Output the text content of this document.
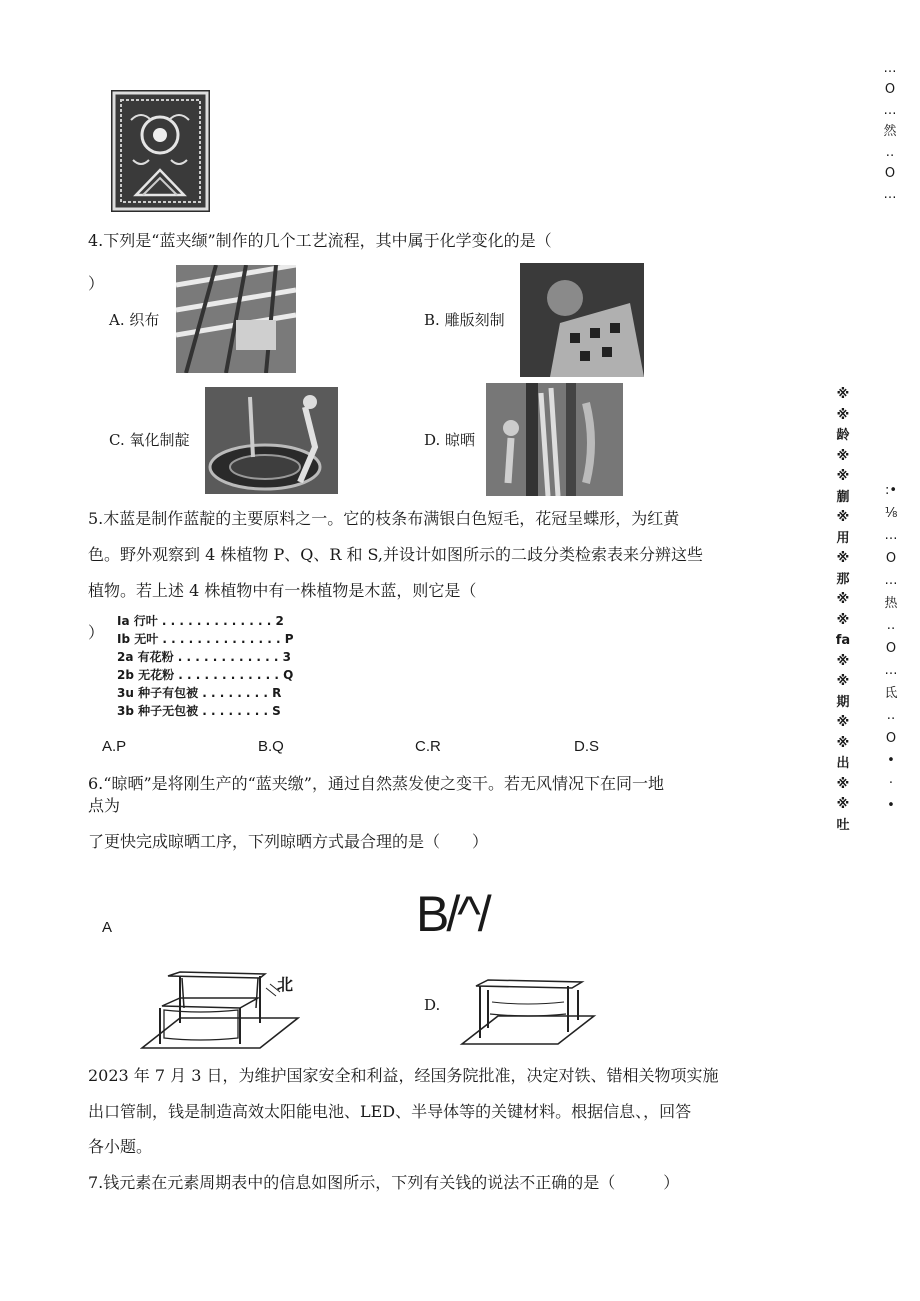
4.下列是“蓝夹缬”制作的几个工艺流程，其中属于化学变化的是（
）
A. 织布	B. 雕版刻制
C. 氧化制靛	D. 晾晒
5.木蓝是制作蓝靛的主要原料之一。它的枝条布满银白色短毛，花冠呈蝶形，为红黄
色。野外观察到 4 株植物 P、Q、R 和 S,并设计如图所示的二歧分类检索表来分辨这些
植物。若上述 4 株植物中有一株植物是木蓝，则它是（
）
Ia 行叶 . . . . . . . . . . . . . 2
Ib 无叶 . . . . . . . . . . . . . . P
2a 有花粉 . . . . . . . . . . . . 3
2b 无花粉 . . . . . . . . . . . . Q
3u 种子有包被 . . . . . . . . R
3b 种子无包被 . . . . . . . . S
A.P	B.Q	C.R	D.S
6.“晾晒”是将刚生产的“蓝夹缴”，通过自然蒸发使之变干。若无风情况下在同一地
点为
了更快完成晾晒工序，下列晾晒方式最合理的是（　　）
A	B/^/
北
D.
2023 年 7 月 3 日，为维护国家安全和利益，经国务院批准，决定对铁、错相关物项实施
出口管制，钱是制造高效太阳能电池、LED、半导体等的关键材料。根据信息、，回答
各小题。
7.钱元素在元素周期表中的信息如图所示，下列有关钱的说法不正确的是（　　　）
…
O
…
然
‥
O
…
※
※
龄
※
※
蒯
※
用
※
那
※
※
fa
※
※
期
※
※
出
※
※
吐
:•
⅛
…
O
…
热
‥
O
…
氐
‥
O
•
·
•
